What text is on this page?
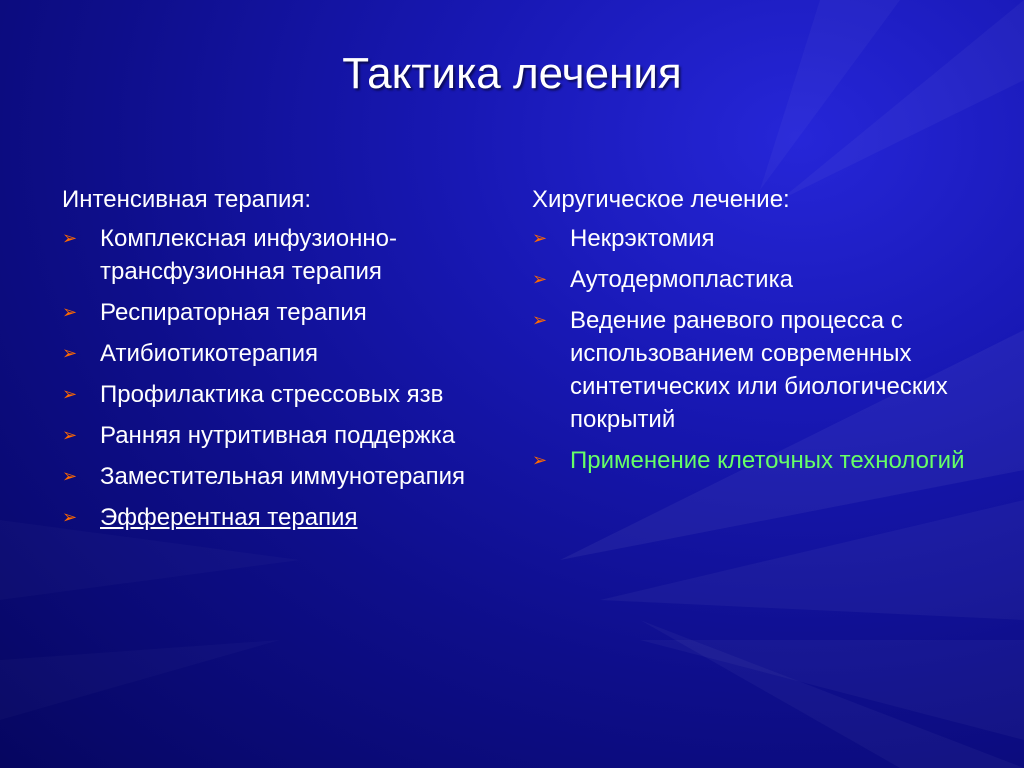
Тактика лечения
Интенсивная терапия:
➢ Комплексная инфузионно-трансфузионная терапия
➢ Респираторная терапия
➢ Атибиотикотерапия
➢ Профилактика стрессовых язв
➢ Ранняя нутритивная поддержка
➢ Заместительная иммунотерапия
➢ Эфферентная терапия
Хиругическое лечение:
➢ Некрэктомия
➢ Аутодермопластика
➢ Ведение раневого процесса с использованием современных синтетических или биологических покрытий
➢ Применение клеточных технологий
